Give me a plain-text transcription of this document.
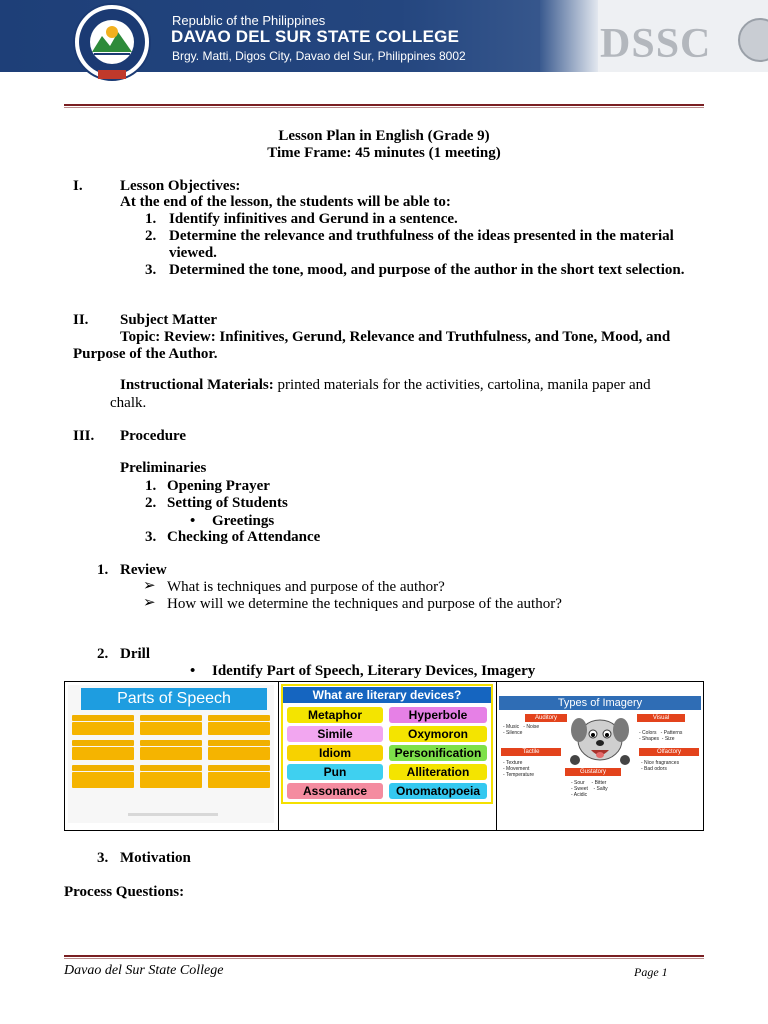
DSSC
Republic of the Philippines
DAVAO DEL SUR STATE COLLEGE
Brgy. Matti, Digos City, Davao del Sur, Philippines 8002
Lesson Plan in English (Grade 9)
Time Frame: 45 minutes (1 meeting)
I. Lesson Objectives:
At the end of the lesson, the students will be able to:
1. Identify infinitives and Gerund in a sentence.
2. Determine the relevance and truthfulness of the ideas presented in the material
viewed.
3. Determined the tone, mood, and purpose of the author in the short text selection.
II. Subject Matter
Topic: Review: Infinitives, Gerund, Relevance and Truthfulness, and Tone, Mood, and
Purpose of the Author.
Instructional Materials: printed materials for the activities, cartolina, manila paper and
chalk.
III. Procedure
Preliminaries
1. Opening Prayer
2. Setting of Students
• Greetings
3. Checking of Attendance
1. Review
➢ What is techniques and purpose of the author?
➢ How will we determine the techniques and purpose of the author?
2. Drill
• Identify Part of Speech, Literary Devices, Imagery
Parts of Speech	What are literary devices?
Metaphor	Hyperbole
Simile	Oxymoron
Idiom	Personification
Pun	Alliteration
Assonance	Onomatopoeia
Types of Imagery
Auditory
- Music   - Noise
- Silence
Visual
- Colors   - Patterns
- Shapes  - Size
Tactile
- Texture
- Movement
- Temperature
Olfactory
- Nice fragrances
- Bad odors
Gustatory
- Sour     - Bitter
- Sweet    - Salty
- Acidic
3. Motivation
Process Questions:
Davao del Sur State College	Page 1
